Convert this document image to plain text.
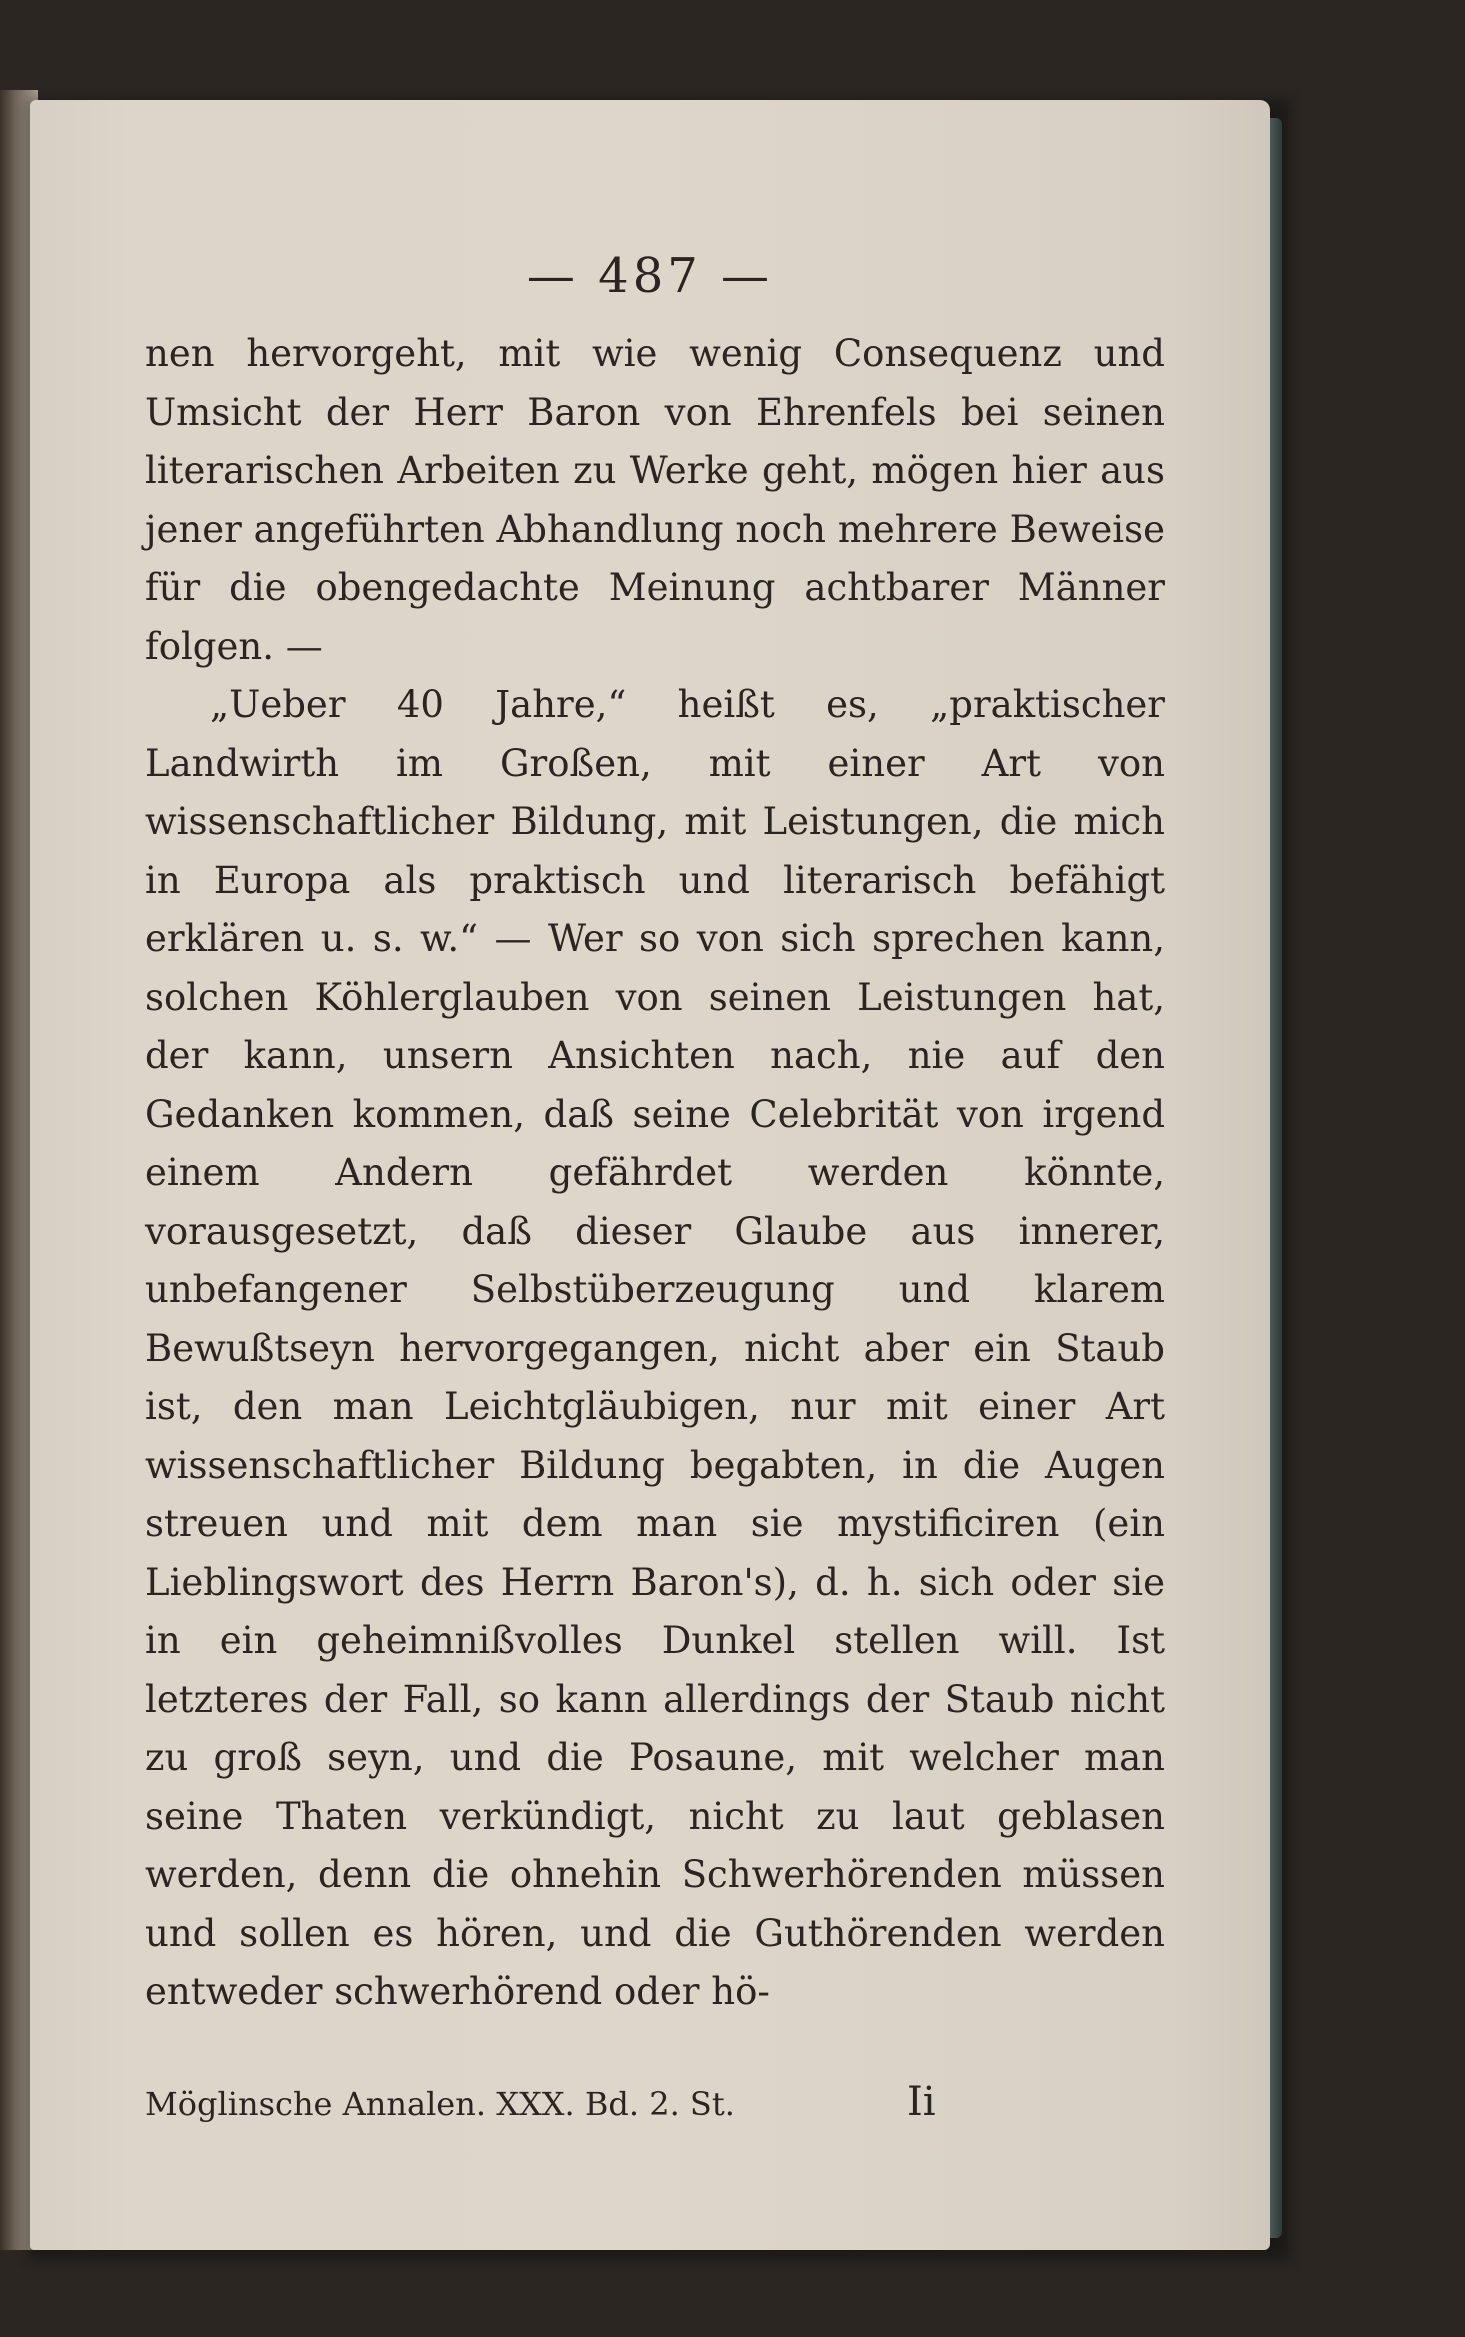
— 487 —

nen hervorgeht, mit wie wenig Consequenz und Umsicht der Herr Baron von Ehrenfels bei seinen literarischen Arbeiten zu Werke geht, mögen hier aus jener angeführten Abhandlung noch mehrere Beweise für die obengedachte Meinung achtbarer Männer folgen. —

„Ueber 40 Jahre,“ heißt es, „praktischer Landwirth im Großen, mit einer Art von wissenschaftlicher Bildung, mit Leistungen, die mich in Europa als praktisch und literarisch befähigt erklären u. s. w.“ — Wer so von sich sprechen kann, solchen Köhlerglauben von seinen Leistungen hat, der kann, unsern Ansichten nach, nie auf den Gedanken kommen, daß seine Celebrität von irgend einem Andern gefährdet werden könnte, vorausgesetzt, daß dieser Glaube aus innerer, unbefangener Selbstüberzeugung und klarem Bewußtseyn hervorgegangen, nicht aber ein Staub ist, den man Leichtgläubigen, nur mit einer Art wissenschaftlicher Bildung begabten, in die Augen streuen und mit dem man sie mystificiren (ein Lieblingswort des Herrn Baron's), d. h. sich oder sie in ein geheimnißvolles Dunkel stellen will. Ist letzteres der Fall, so kann allerdings der Staub nicht zu groß seyn, und die Posaune, mit welcher man seine Thaten verkündigt, nicht zu laut geblasen werden, denn die ohnehin Schwerhörenden müssen und sollen es hören, und die Guthörenden werden entweder schwerhörend oder hö-

Möglinsche Annalen. XXX. Bd. 2. St.	Ii
